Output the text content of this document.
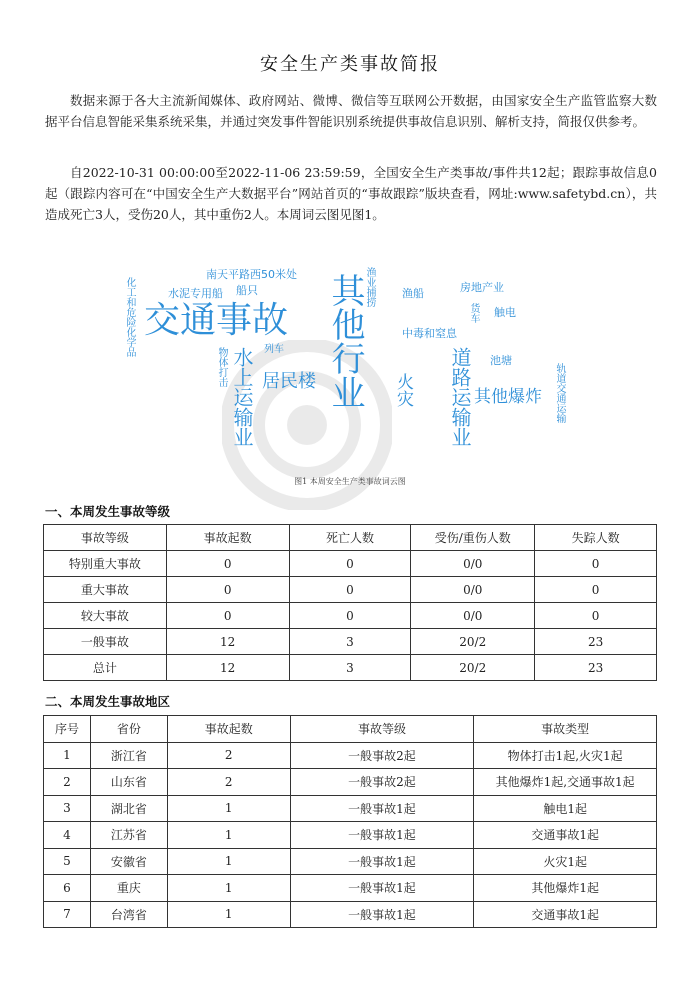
安全生产类事故简报
数据来源于各大主流新闻媒体、政府网站、微博、微信等互联网公开数据，由国家安全生产监管监察大数据平台信息智能采集系统采集，并通过突发事件智能识别系统提供事故信息识别、解析支持，简报仅供参考。
自2022-10-31 00:00:00至2022-11-06 23:59:59，全国安全生产类事故/事件共12起；跟踪事故信息0起（跟踪内容可在“中国安全生产大数据平台”网站首页的“事故跟踪”版块查看，网址:www.safetybd.cn），共造成死亡3人，受伤20人，其中重伤2人。本周词云图见图1。
交通事故 其他行业
居民楼
水上运输业	道路运输业 其他爆炸
火灾
南天平路西50米处
水泥专用船 船只
化工和危险化学品
物体打击	列车
渔船
中毒和窒息
房地产业
货车 触电
池塘
轨道交通运输
渔业捕捞
图1 本周安全生产类事故词云图
一、本周发生事故等级
事故等级	事故起数	死亡人数	受伤/重伤人数	失踪人数
特别重大事故	0	0	0/0	0
重大事故	0	0	0/0	0
较大事故	0	0	0/0	0
一般事故	12	3	20/2	23
总计	12	3	20/2	23
二、本周发生事故地区
序号	省份	事故起数	事故等级	事故类型
1	浙江省	2	一般事故2起	物体打击1起,火灾1起
2	山东省	2	一般事故2起	其他爆炸1起,交通事故1起
3	湖北省	1	一般事故1起	触电1起
4	江苏省	1	一般事故1起	交通事故1起
5	安徽省	1	一般事故1起	火灾1起
6	重庆	1	一般事故1起	其他爆炸1起
7	台湾省	1	一般事故1起	交通事故1起
